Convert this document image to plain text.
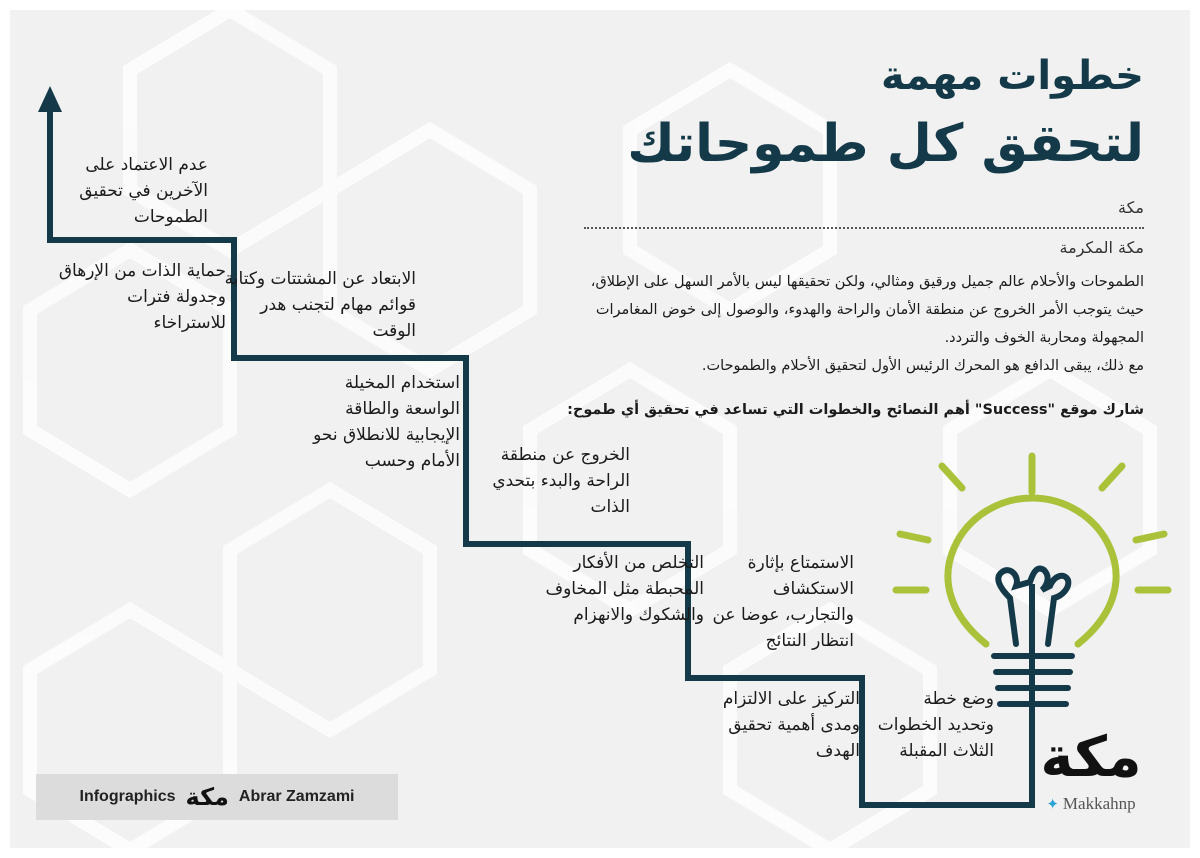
خطوات مهمة
لتحقق كل طموحاتك
مكة
مكة المكرمة
الطموحات والأحلام عالم جميل ورقيق ومثالي، ولكن تحقيقها ليس بالأمر السهل على الإطلاق، حيث يتوجب الأمر الخروج عن منطقة الأمان والراحة والهدوء، والوصول إلى خوض المغامرات المجهولة ومحاربة الخوف والتردد.
مع ذلك، يبقى الدافع هو المحرك الرئيس الأول لتحقيق الأحلام والطموحات.
شارك موقع "Success" أهم النصائح والخطوات التي تساعد في تحقيق أي طموح:
وضع خطة وتحديد الخطوات الثلاث المقبلة
التركيز على الالتزام ومدى أهمية تحقيق الهدف
الاستمتاع بإثارة الاستكشاف والتجارب، عوضا عن انتظار النتائج
التخلص من الأفكار المحبطة مثل المخاوف والشكوك والانهزام
الخروج عن منطقة الراحة والبدء بتحدي الذات
استخدام المخيلة الواسعة والطاقة الإيجابية للانطلاق نحو الأمام وحسب
الابتعاد عن المشتتات وكتابة قوائم مهام لتجنب هدر الوقت
حماية الذات من الإرهاق وجدولة فترات للاستراخاء
عدم الاعتماد على الآخرين في تحقيق الطموحات
Infographics مكة Abrar Zamzami
مكة
✦ Makkahnp
